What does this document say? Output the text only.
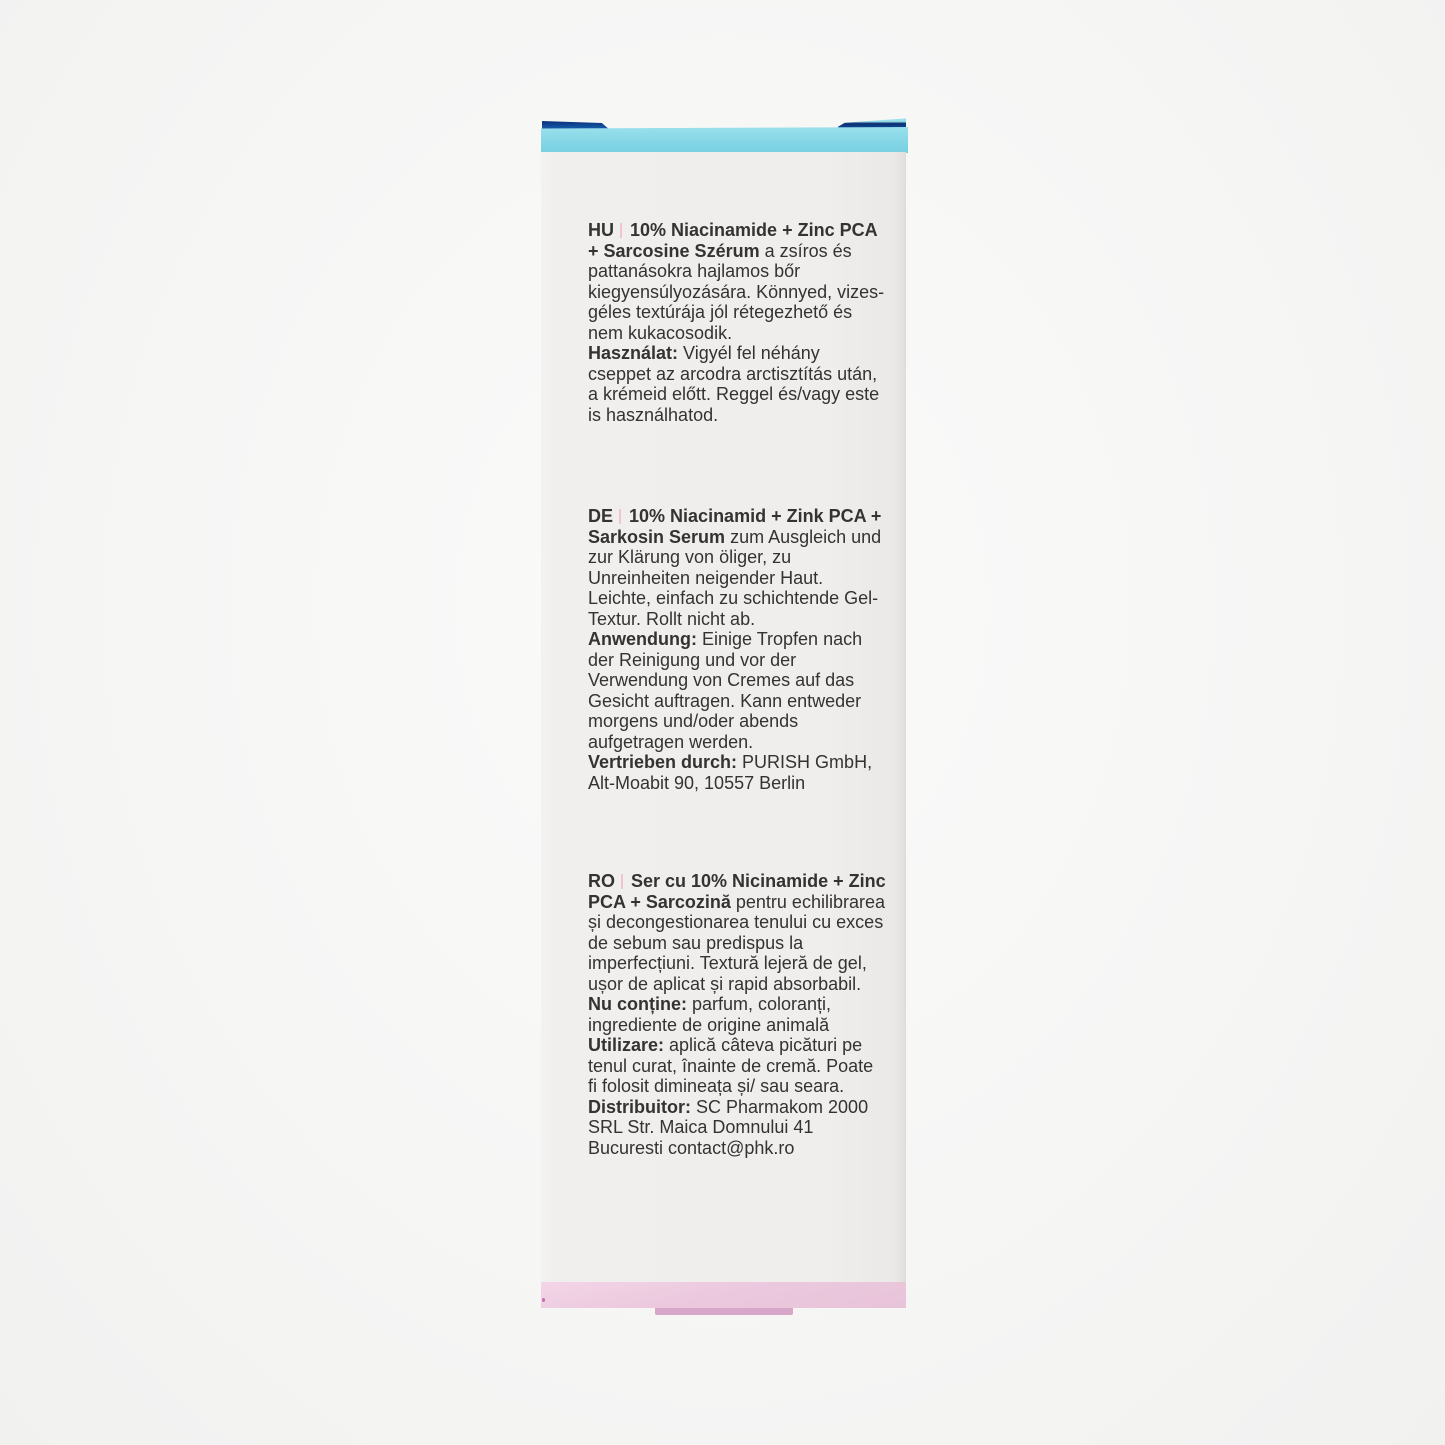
HU 10% Niacinamide + Zinc PCA + Sarcosine Szérum a zsíros és pattanásokra hajlamos bőr kiegyensúlyozására. Könnyed, vizes-géles textúrája jól rétegezhető és nem kukacosodik.
Használat: Vigyél fel néhány cseppet az arcodra arctisztítás után, a krémeid előtt. Reggel és/vagy este is használhatod.
DE 10% Niacinamid + Zink PCA + Sarkosin Serum zum Ausgleich und zur Klärung von öliger, zu Unreinheiten neigender Haut. Leichte, einfach zu schichtende Gel-Textur. Rollt nicht ab.
Anwendung: Einige Tropfen nach der Reinigung und vor der Verwendung von Cremes auf das Gesicht auftragen. Kann entweder morgens und/oder abends aufgetragen werden.
Vertrieben durch: PURISH GmbH, Alt-Moabit 90, 10557 Berlin
RO Ser cu 10% Nicinamide + Zinc PCA + Sarcozină pentru echilibrarea și decongestionarea tenului cu exces de sebum sau predispus la imperfecțiuni. Textură lejeră de gel, ușor de aplicat și rapid absorbabil.
Nu conține: parfum, coloranți, ingrediente de origine animală
Utilizare: aplică câteva picături pe tenul curat, înainte de cremă. Poate fi folosit dimineața și/ sau seara.
Distribuitor: SC Pharmakom 2000 SRL Str. Maica Domnului 41 Bucuresti contact@phk.ro
